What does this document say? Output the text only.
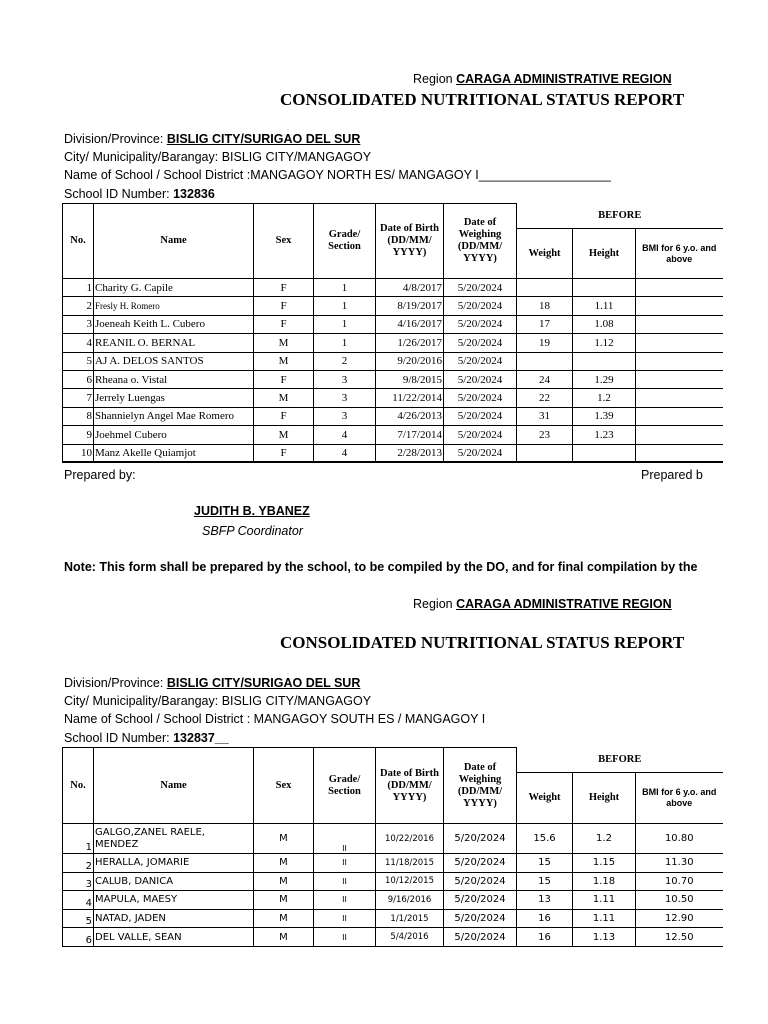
Region CARAGA ADMINISTRATIVE REGION
CONSOLIDATED NUTRITIONAL STATUS REPORT
Division/Province: BISLIG CITY/SURIGAO DEL SUR
City/ Municipality/Barangay: BISLIG CITY/MANGAGOY
Name of School / School District :MANGAGOY NORTH ES/ MANGAGOY I___________________
School ID Number: 132836
No.	Name	Sex	Grade/ Section	Date of Birth (DD/MM/ YYYY)	Date of Weighing (DD/MM/ YYYY)	BEFORE		
						Weight	Height	BMI for 6 y.o. and above
1	Charity G. Capile	F	1	4/8/2017	5/20/2024			
2	Fresly H. Romero	F	1	8/19/2017	5/20/2024	18	1.11	
3	Joeneah Keith L. Cubero	F	1	4/16/2017	5/20/2024	17	1.08	
4	REANIL O. BERNAL	M	1	1/26/2017	5/20/2024	19	1.12	
5	AJ A. DELOS SANTOS	M	2	9/20/2016	5/20/2024			
6	Rheana o. Vistal	F	3	9/8/2015	5/20/2024	24	1.29	
7	Jerrely Luengas	M	3	11/22/2014	5/20/2024	22	1.2	
8	Shannielyn Angel Mae Romero	F	3	4/26/2013	5/20/2024	31	1.39	
9	Joehmel Cubero	M	4	7/17/2014	5/20/2024	23	1.23	
10	Manz Akelle Quiamjot	F	4	2/28/2013	5/20/2024			
Prepared by:	Prepared b
JUDITH B. YBANEZ
SBFP Coordinator
Note: This form shall be prepared by the school, to be compiled by the DO, and for final compilation by the
Region CARAGA ADMINISTRATIVE REGION
CONSOLIDATED NUTRITIONAL STATUS REPORT
Division/Province: BISLIG CITY/SURIGAO DEL SUR
City/ Municipality/Barangay: BISLIG CITY/MANGAGOY
Name of School / School District : MANGAGOY SOUTH ES / MANGAGOY I
School ID Number: 132837__
No.	Name	Sex	Grade/ Section	Date of Birth (DD/MM/ YYYY)	Date of Weighing (DD/MM/ YYYY)	BEFORE		
						Weight	Height	BMI for 6 y.o. and above
1	GALGO,ZANEL RAELE,
MENDEZ	M	II	10/22/2016	5/20/2024	15.6	1.2	10.80
2	HERALLA, JOMARIE	M	II	11/18/2015	5/20/2024	15	1.15	11.30
3	CALUB, DANICA	M	II	10/12/2015	5/20/2024	15	1.18	10.70
4	MAPULA, MAESY	M	II	9/16/2016	5/20/2024	13	1.11	10.50
5	NATAD, JADEN	M	II	1/1/2015	5/20/2024	16	1.11	12.90
6	DEL VALLE, SEAN	M	II	5/4/2016	5/20/2024	16	1.13	12.50
